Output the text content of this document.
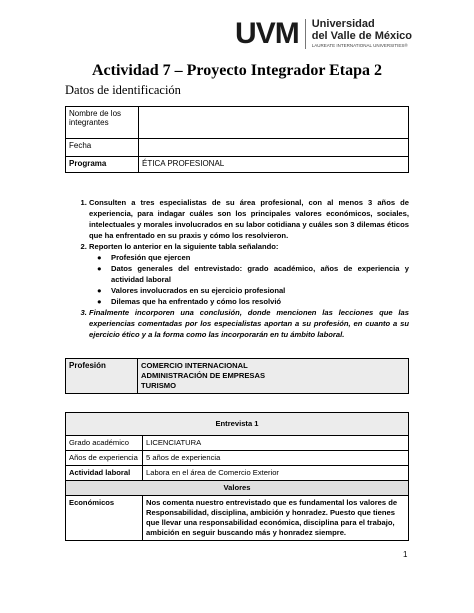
UVM Universidad
del Valle de México
LAUREATE INTERNATIONAL UNIVERSITIES®
Actividad 7 – Proyecto Integrador Etapa 2
Datos de identificación
Nombre de los integrantes	
Fecha	
Programa	ÉTICA PROFESIONAL
1. Consulten a tres especialistas de su área profesional, con al menos 3 años de experiencia, para indagar cuáles son los principales valores económicos, sociales, intelectuales y morales involucrados en su labor cotidiana y cuáles son 3 dilemas éticos que ha enfrentado en su praxis y cómo los resolvieron.
2. Reporten lo anterior en la siguiente tabla señalando:
● Profesión que ejercen
● Datos generales del entrevistado: grado académico, años de experiencia y actividad laboral
● Valores involucrados en su ejercicio profesional
● Dilemas que ha enfrentado y cómo los resolvió
3. Finalmente incorporen una conclusión, donde mencionen las lecciones que las experiencias comentadas por los especialistas aportan a su profesión, en cuanto a su ejercicio ético y a la forma como las incorporarán en tu ámbito laboral.
Profesión	COMERCIO INTERNACIONAL
ADMINISTRACIÓN DE EMPRESAS
TURISMO
Entrevista 1	
Grado académico	LICENCIATURA
Años de experiencia	5 años de experiencia
Actividad laboral	Labora en el área de Comercio Exterior
Valores	
Económicos	Nos comenta nuestro entrevistado que es fundamental los valores de Responsabilidad, disciplina, ambición y honradez. Puesto que tienes que llevar una responsabilidad económica, disciplina para el trabajo, ambición en seguir buscando más y honradez siempre.
1
